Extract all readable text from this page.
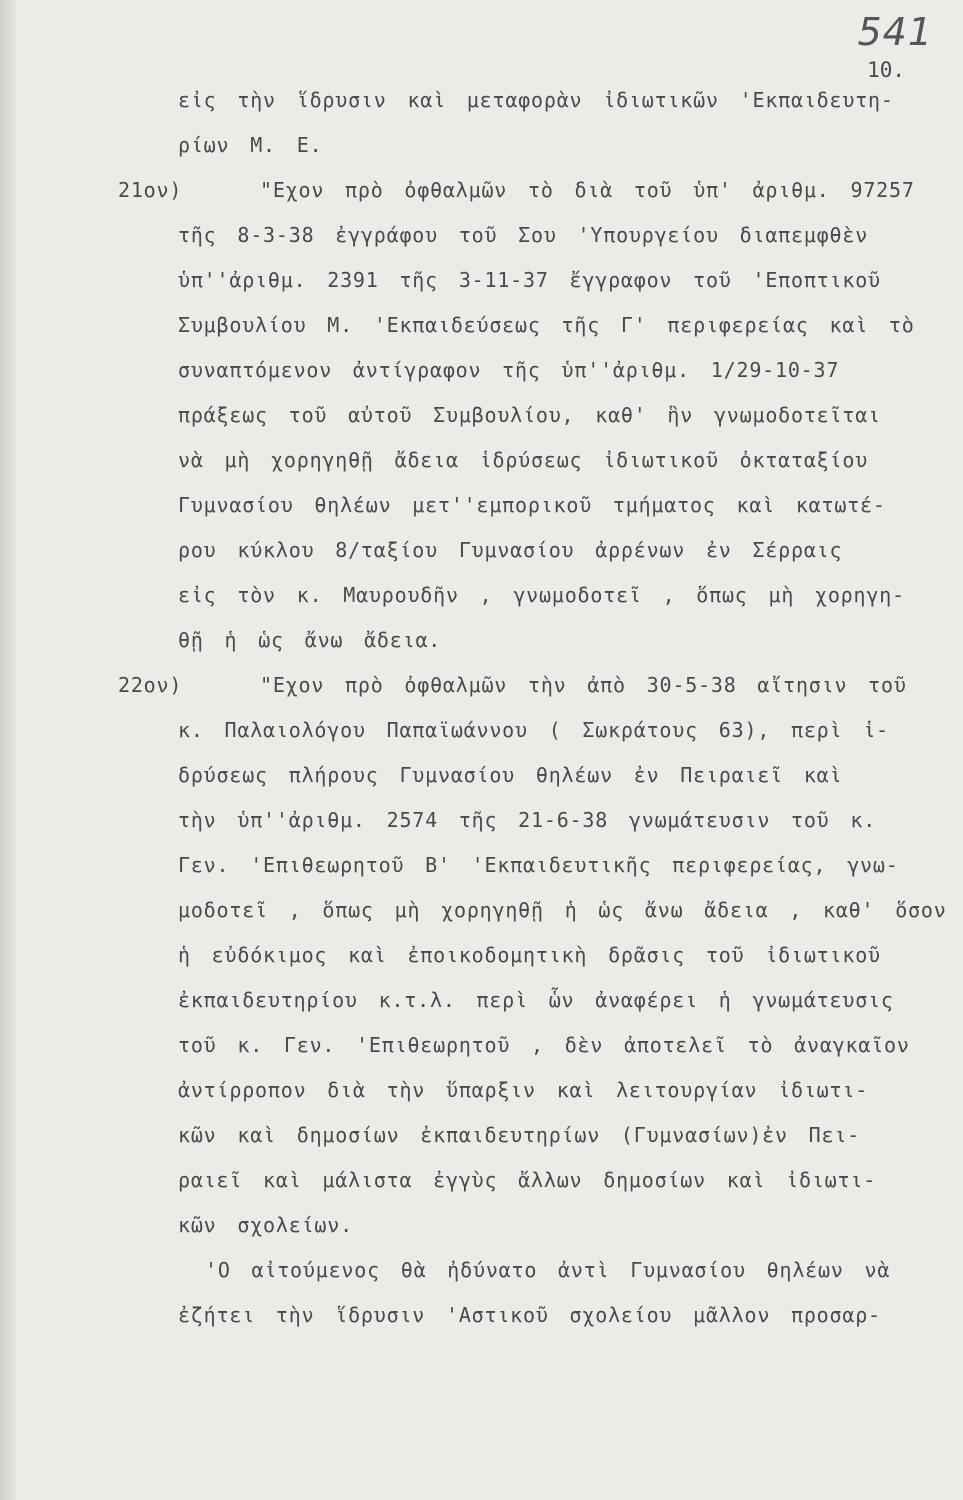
541
10.
εἰς τὴν ἵδρυσιν καὶ μεταφορὰν ἰδιωτικῶν 'Εκπαιδευτη-
ρίων Μ. Ε.
21ον)	"Εχον πρὸ ὀφθαλμῶν τὸ διὰ τοῦ ὑπ' ἀριθμ. 97257
τῆς 8-3-38 ἐγγράφου τοῦ Σου 'Υπουργείου διαπεμφθὲν
ὑπ''ἀριθμ. 2391 τῆς 3-11-37 ἔγγραφον τοῦ 'Εποπτικοῦ
Συμβουλίου Μ. 'Εκπαιδεύσεως τῆς Γ' περιφερείας καὶ τὸ
συναπτόμενον ἀντίγραφον τῆς ὑπ''ἀριθμ. 1/29-10-37
πράξεως τοῦ αὐτοῦ Συμβουλίου, καθ' ἣν γνωμοδοτεῖται
νὰ μὴ χορηγηθῇ ἄδεια ἱδρύσεως ἰδιωτικοῦ ὀκταταξίου
Γυμνασίου θηλέων μετ''εμπορικοῦ τμήματος καὶ κατωτέ-
ρου κύκλου 8/ταξίου Γυμνασίου ἀρρένων ἐν Σέρραις
εἰς τὸν κ. Μαυρουδῆν , γνωμοδοτεῖ , ὅπως μὴ χορηγη-
θῇ ἡ ὡς ἄνω ἄδεια.
22ον)	"Εχον πρὸ ὀφθαλμῶν τὴν ἀπὸ 30-5-38 αἴτησιν τοῦ
κ. Παλαιολόγου Παπαϊωάννου ( Σωκράτους 63), περὶ ἱ-
δρύσεως πλήρους Γυμνασίου θηλέων ἐν Πειραιεῖ καὶ
τὴν ὑπ''ἀριθμ. 2574 τῆς 21-6-38 γνωμάτευσιν τοῦ κ.
Γεν. 'Επιθεωρητοῦ Β' 'Εκπαιδευτικῆς περιφερείας, γνω-
μοδοτεῖ , ὅπως μὴ χορηγηθῇ ἡ ὡς ἄνω ἄδεια , καθ' ὅσον
ἡ εὐδόκιμος καὶ ἐποικοδομητικὴ δρᾶσις τοῦ ἰδιωτικοῦ
ἐκπαιδευτηρίου κ.τ.λ. περὶ ὧν ἀναφέρει ἡ γνωμάτευσις
τοῦ κ. Γεν. 'Επιθεωρητοῦ , δὲν ἀποτελεῖ τὸ ἀναγκαῖον
ἀντίρροπον διὰ τὴν ὕπαρξιν καὶ λειτουργίαν ἰδιωτι-
κῶν καὶ δημοσίων ἐκπαιδευτηρίων (Γυμνασίων)ἐν Πει-
ραιεῖ καὶ μάλιστα ἐγγὺς ἄλλων δημοσίων καὶ ἰδιωτι-
κῶν σχολείων.
'Ο αἰτούμενος θὰ ἠδύνατο ἀντὶ Γυμνασίου θηλέων νὰ
ἐζήτει τὴν ἵδρυσιν 'Αστικοῦ σχολείου μᾶλλον προσαρ-
